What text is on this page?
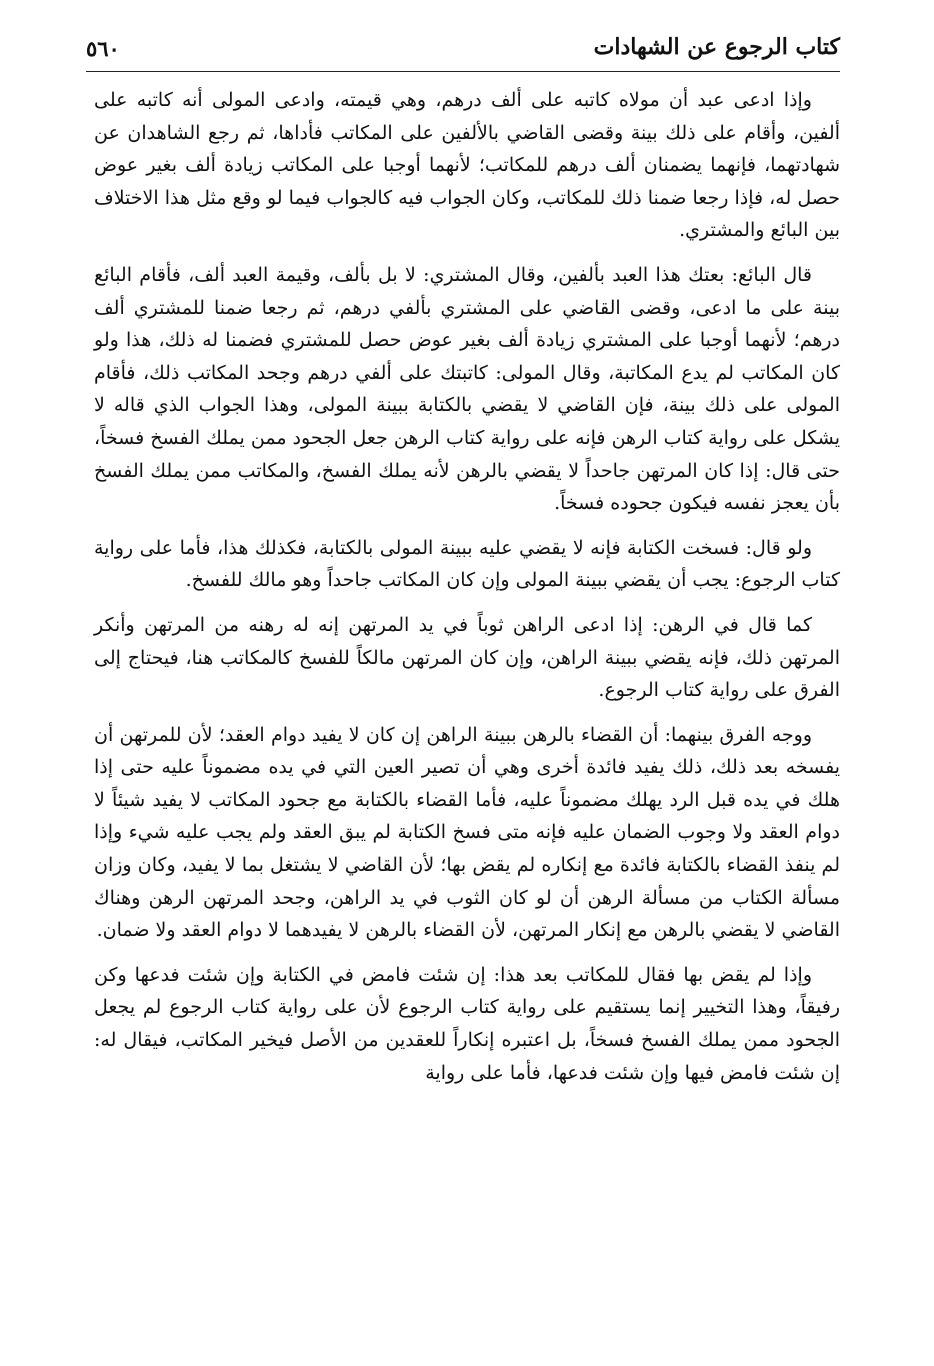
كتاب الرجوع عن الشهادات
٥٦٠

وإذا ادعى عبد أن مولاه كاتبه على ألف درهم، وهي قيمته، وادعى المولى أنه كاتبه على ألفين، وأقام على ذلك بينة وقضى القاضي بالألفين على المكاتب فأداها، ثم رجع الشاهدان عن شهادتهما، فإنهما يضمنان ألف درهم للمكاتب؛ لأنهما أوجبا على المكاتب زيادة ألف بغير عوض حصل له، فإذا رجعا ضمنا ذلك للمكاتب، وكان الجواب فيه كالجواب فيما لو وقع مثل هذا الاختلاف بين البائع والمشتري.

قال البائع: بعتك هذا العبد بألفين، وقال المشتري: لا بل بألف، وقيمة العبد ألف، فأقام البائع بينة على ما ادعى، وقضى القاضي على المشتري بألفي درهم، ثم رجعا ضمنا للمشتري ألف درهم؛ لأنهما أوجبا على المشتري زيادة ألف بغير عوض حصل للمشتري فضمنا له ذلك، هذا ولو كان المكاتب لم يدع المكاتبة، وقال المولى: كاتبتك على ألفي درهم وجحد المكاتب ذلك، فأقام المولى على ذلك بينة، فإن القاضي لا يقضي بالكتابة ببينة المولى، وهذا الجواب الذي قاله لا يشكل على رواية كتاب الرهن فإنه على رواية كتاب الرهن جعل الجحود ممن يملك الفسخ فسخاً، حتى قال: إذا كان المرتهن جاحداً لا يقضي بالرهن لأنه يملك الفسخ، والمكاتب ممن يملك الفسخ بأن يعجز نفسه فيكون جحوده فسخاً.

ولو قال: فسخت الكتابة فإنه لا يقضي عليه ببينة المولى بالكتابة، فكذلك هذا، فأما على رواية كتاب الرجوع: يجب أن يقضي ببينة المولى وإن كان المكاتب جاحداً وهو مالك للفسخ.

كما قال في الرهن: إذا ادعى الراهن ثوباً في يد المرتهن إنه له رهنه من المرتهن وأنكر المرتهن ذلك، فإنه يقضي ببينة الراهن، وإن كان المرتهن مالكاً للفسخ كالمكاتب هنا، فيحتاج إلى الفرق على رواية كتاب الرجوع.

ووجه الفرق بينهما: أن القضاء بالرهن ببينة الراهن إن كان لا يفيد دوام العقد؛ لأن للمرتهن أن يفسخه بعد ذلك، ذلك يفيد فائدة أخرى وهي أن تصير العين التي في يده مضموناً عليه حتى إذا هلك في يده قبل الرد يهلك مضموناً عليه، فأما القضاء بالكتابة مع جحود المكاتب لا يفيد شيئاً لا دوام العقد ولا وجوب الضمان عليه فإنه متى فسخ الكتابة لم يبق العقد ولم يجب عليه شيء وإذا لم ينفذ القضاء بالكتابة فائدة مع إنكاره لم يقض بها؛ لأن القاضي لا يشتغل بما لا يفيد، وكان وزان مسألة الكتاب من مسألة الرهن أن لو كان الثوب في يد الراهن، وجحد المرتهن الرهن وهناك القاضي لا يقضي بالرهن مع إنكار المرتهن، لأن القضاء بالرهن لا يفيدهما لا دوام العقد ولا ضمان.

وإذا لم يقض بها فقال للمكاتب بعد هذا: إن شئت فامض في الكتابة وإن شئت فدعها وكن رفيقاً، وهذا التخيير إنما يستقيم على رواية كتاب الرجوع لأن على رواية كتاب الرجوع لم يجعل الجحود ممن يملك الفسخ فسخاً، بل اعتبره إنكاراً للعقدين من الأصل فيخير المكاتب، فيقال له: إن شئت فامض فيها وإن شئت فدعها، فأما على رواية
